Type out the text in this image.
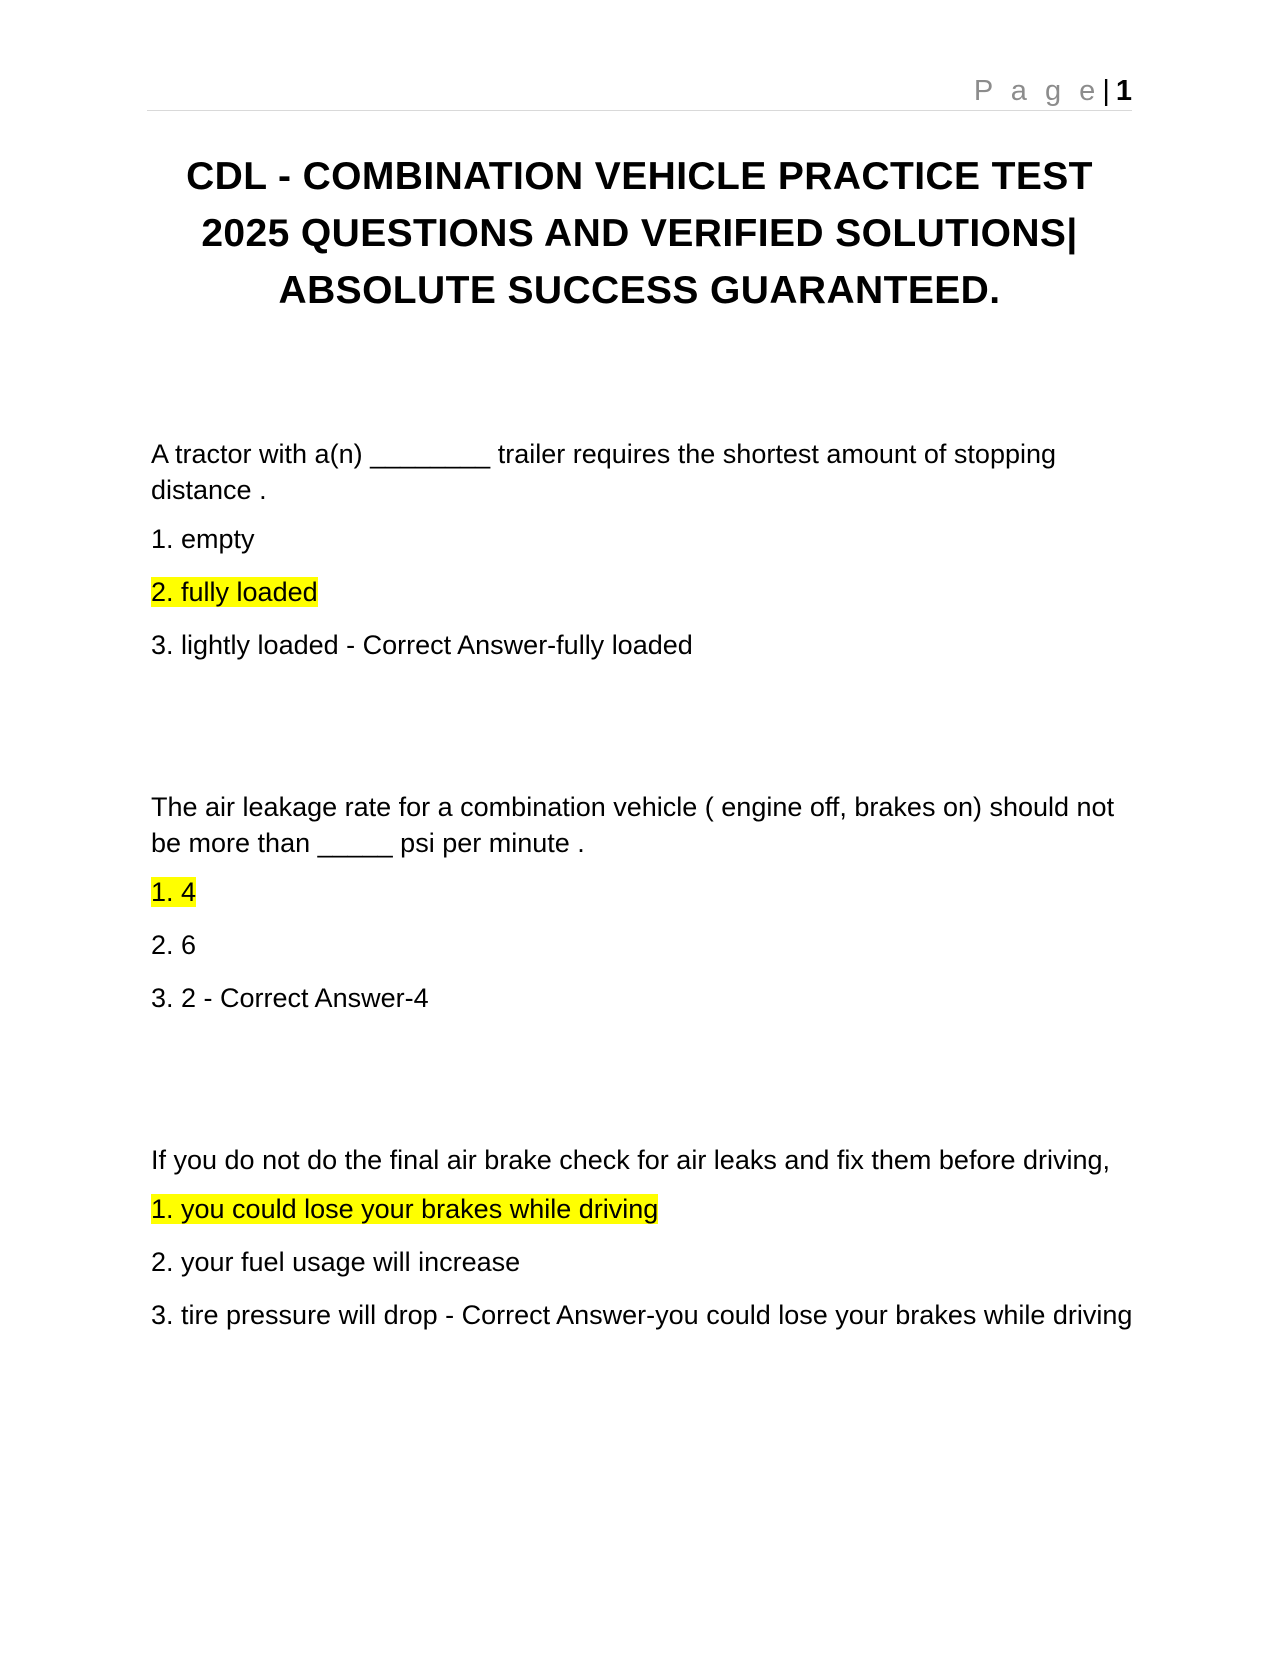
P a g e| 1
CDL - COMBINATION VEHICLE PRACTICE TEST
2025 QUESTIONS AND VERIFIED SOLUTIONS|
ABSOLUTE SUCCESS GUARANTEED.

A tractor with a(n) ________ trailer requires the shortest amount of stopping distance .

1. empty

2. fully loaded

3. lightly loaded - Correct Answer-fully loaded

The air leakage rate for a combination vehicle ( engine off, brakes on) should not be more than _____ psi per minute .

1. 4

2. 6

3. 2 - Correct Answer-4

If you do not do the final air brake check for air leaks and fix them before driving,

1. you could lose your brakes while driving

2. your fuel usage will increase

3. tire pressure will drop - Correct Answer-you could lose your brakes while driving
